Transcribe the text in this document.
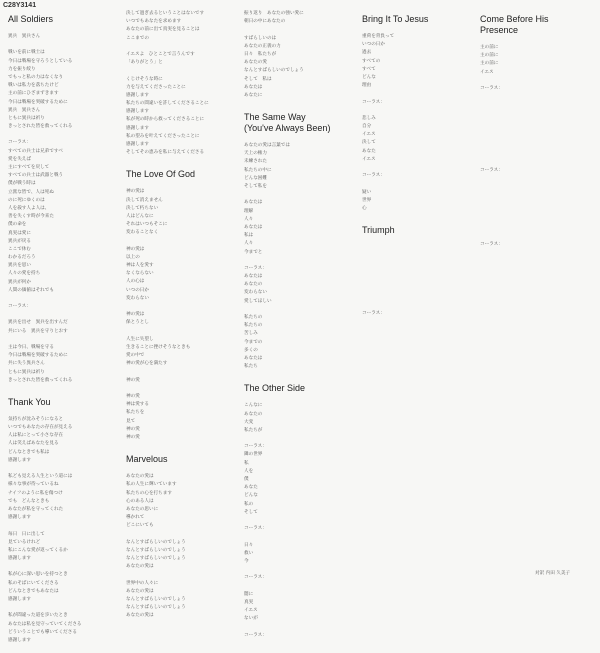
C28Y3141
All Soldiers
異兵　異兵さん
戦いを前に戦士は
今日は戦場を守ろうとしている
力を振り絞り
でもっと私の力はなくなり
戦いは私力を落ちたけど
主の前にひざまずきます
今日は戦場を突破するために
異兵　異兵さん
ともに異兵は祈り
きっとされた皆を救ってくれる
コーラス：
すべての兵士は兄弟ですべ
愛を失えば
主にすべてを戻して
すべての兵士は武器と戦う
僕が戦う時は
立派な皆で、人は死ぬ
のに死にゆくのは
人を殺す人よ人は、
善を失くす時が今来た
僕の命を
真実は愛に
異兵が戻る
ここで休む
わかるだろう
異兵を思い
人々の愛を持ち
異兵が何か
人間の価値はそれでも
コーラス：
異兵を出せ　異兵を出すんだ
共にいる　異兵を守りとおす
主は今日、戦場を守る
今日は戦場を突破するために
共に失う異兵さん
ともに異兵は祈り
きっとされた皆を救ってくれる
Thank You
気持ちが沈みそうになると
いつでもあなたの存在が見える
人は私にとって小さな存在
人は笑えばあなたを見る
どんなときでも私は
感謝します
私ども見える人生という道には
様々な事が待っているね
ナイフのように私を傷つけ
でも　どんなときも
あなたが私を守ってくれた
感謝します
毎日　日に出して
見ているけれど
私にこんな愛が返ってくるか
感謝します
私が心に深い思いを持つとき
私のそばにいてくださる
どんなときでもあなたは
感謝します
私が間違った道を歩いたとき
あなたは私を見守っていてくださる
どういうことでも導いてくださる
感謝します
決して過ぎ去るということはないです
いつでもあなたを求めます
あなたの前に出て真実を見ることは
ここまでの
イエスよ　ひとことで言うんです
「ありがとう」と
くじけそうな時に
力を与えてくださったことに
感謝します
私たちの間違いを許してくださることに
感謝します
私が死の時から救ってくださることに
感謝します
私の望みを叶えてくださったことに
感謝します
そしてその恵みを私に与えてくださる
The Love Of God
神の愛は
決して消えません
決して朽ちない
人はどんなに
それはいつもそこに
変わることなく
神の愛は
以上の
神は人を愛す
なくならない
人の心は
いつの日か
変わらない
神の愛は
保とうとし
人生に失望し
生きることに挫けそうなときも
愛の中で
神の愛が心を満たす
神の愛
神の愛
神は愛する
私たちを
見て
神の愛
神の愛
Marvelous
あなたの愛は
私の人生に輝いています
私たちの心を打ちます
心のある人は
あなたの思いに
導かれて
どこにいても
なんとすばらしいのでしょう
なんとすばらしいのでしょう
なんとすばらしいのでしょう
あなたの愛は
世界中の人々に
あなたの愛は
なんとすばらしいのでしょう
なんとすばらしいのでしょう
あなたの愛は
振り返り　あなたの強い愛に
朝日の中にあなたの
すばらしいのは
あなたの正義の力
日々　私たちが
あなたの愛
なんとすばらしいのでしょう
そして　私は
あなたは
あなたに
The Same Way
(You've Always Been)
あなたの愛は言葉では
天上の権力
未練された
私たちの中に
どんな困難
そして私を
あなたは
理解
人々
あなたは
私は
人々
今までと
コーラス：
あなたは
あなたの
変わらない
愛してほしい
私たちの
私たちの
苦しみ
今までの
多くの
あなたは
私たち
The Other Side
こんなに
あなたの
大変
私たちが
コーラス：
隣の世界
私
人を
僕
あなた
どんな
私の
そして
コーラス：
日々
救い
今
コーラス：
闇に
真実
イエス
ないが
コーラス：
Bring It To Jesus
重荷を背負って
いつの日か
過去
すべての
すべて
どんな
理由
コーラス：
悲しみ
自分
イエス
決して
あなた
イエス
コーラス：
疑い
世界
心
Triumph
コーラス：
Come Before His Presence
主の前に
主の前に
主の前に
イエス
コーラス：
コーラス：
コーラス：
対訳 内田 久美子
